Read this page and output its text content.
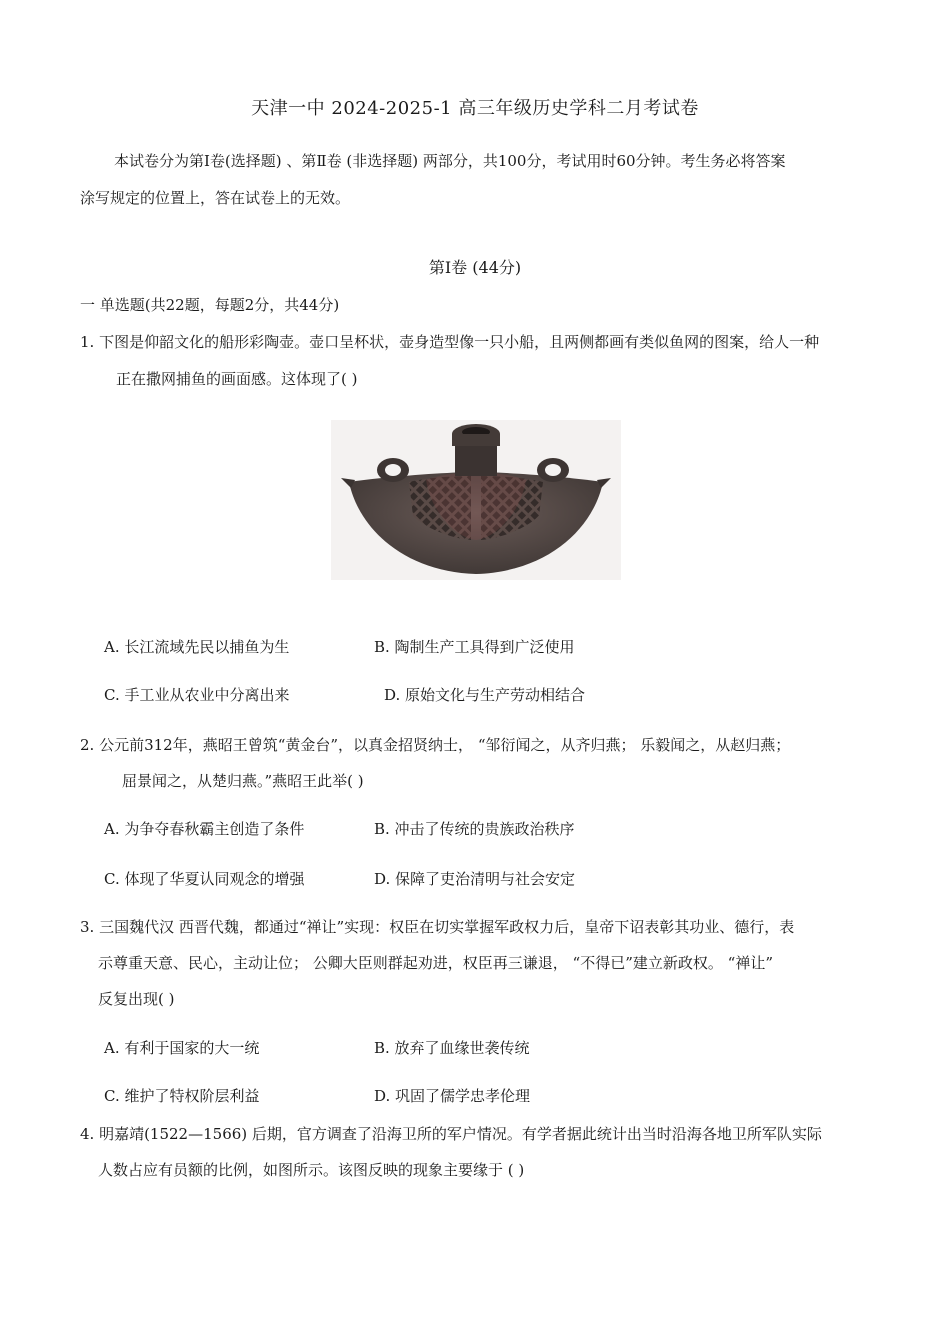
天津一中 2024-2025-1 高三年级历史学科二月考试卷
本试卷分为第Ⅰ卷(选择题) 、第Ⅱ卷 (非选择题) 两部分，共100分，考试用时60分钟。考生务必将答案
涂写规定的位置上，答在试卷上的无效。
第Ⅰ卷 (44分)
一 单选题(共22题，每题2分，共44分)
1. 下图是仰韶文化的船形彩陶壶。壶口呈杯状，壶身造型像一只小船，且两侧都画有类似鱼网的图案，给人一种
正在撒网捕鱼的画面感。这体现了( )
A. 长江流域先民以捕鱼为生	B. 陶制生产工具得到广泛使用
C. 手工业从农业中分离出来	D. 原始文化与生产劳动相结合
2. 公元前312年，燕昭王曾筑“黄金台”，以真金招贤纳士， “邹衍闻之，从齐归燕； 乐毅闻之，从赵归燕；
屈景闻之，从楚归燕。”燕昭王此举( )
A. 为争夺春秋霸主创造了条件	B. 冲击了传统的贵族政治秩序
C. 体现了华夏认同观念的增强	D. 保障了吏治清明与社会安定
3. 三国魏代汉 西晋代魏，都通过“禅让”实现：权臣在切实掌握军政权力后，皇帝下诏表彰其功业、德行，表
示尊重天意、民心，主动让位； 公卿大臣则群起劝进，权臣再三谦退， “不得已”建立新政权。 “禅让”
反复出现( )
A. 有利于国家的大一统	B. 放弃了血缘世袭传统
C. 维护了特权阶层利益	D. 巩固了儒学忠孝伦理
4. 明嘉靖(1522—1566) 后期，官方调查了沿海卫所的军户情况。有学者据此统计出当时沿海各地卫所军队实际
人数占应有员额的比例，如图所示。该图反映的现象主要缘于 ( )
